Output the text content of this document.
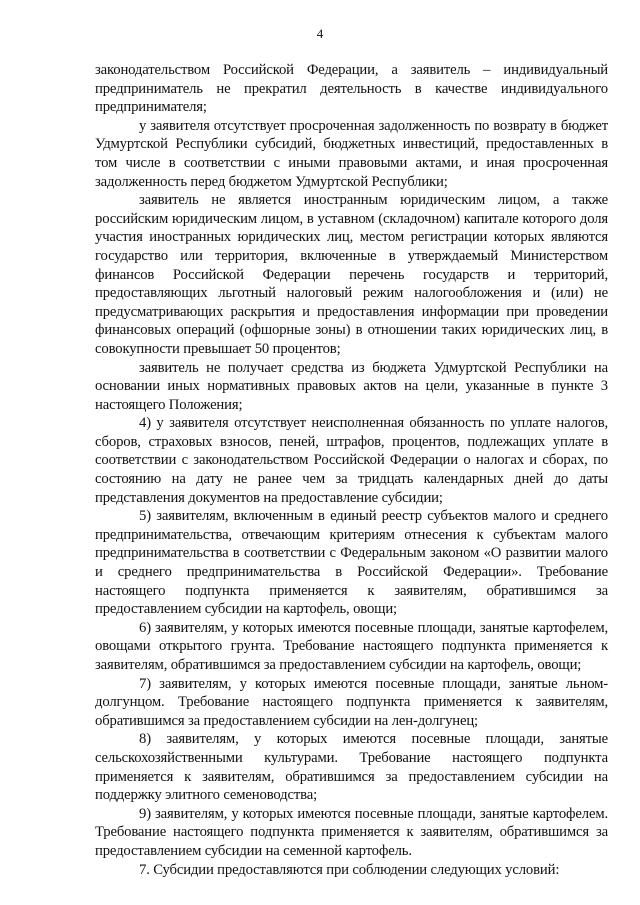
4

законодательством Российской Федерации, а заявитель – индивидуальный предприниматель не прекратил деятельность в качестве индивидуального предпринимателя;

у заявителя отсутствует просроченная задолженность по возврату в бюджет Удмуртской Республики субсидий, бюджетных инвестиций, предоставленных в том числе в соответствии с иными правовыми актами, и иная просроченная задолженность перед бюджетом Удмуртской Республики;

заявитель не является иностранным юридическим лицом, а также российским юридическим лицом, в уставном (складочном) капитале которого доля участия иностранных юридических лиц, местом регистрации которых являются государство или территория, включенные в утверждаемый Министерством финансов Российской Федерации перечень государств и территорий, предоставляющих льготный налоговый режим налогообложения и (или) не предусматривающих раскрытия и предоставления информации при проведении финансовых операций (офшорные зоны) в отношении таких юридических лиц, в совокупности превышает 50 процентов;

заявитель не получает средства из бюджета Удмуртской Республики на основании иных нормативных правовых актов на цели, указанные в пункте 3 настоящего Положения;

4) у заявителя отсутствует неисполненная обязанность по уплате налогов, сборов, страховых взносов, пеней, штрафов, процентов, подлежащих уплате в соответствии с законодательством Российской Федерации о налогах и сборах, по состоянию на дату не ранее чем за тридцать календарных дней до даты представления документов на предоставление субсидии;

5) заявителям, включенным в единый реестр субъектов малого и среднего предпринимательства, отвечающим критериям отнесения к субъектам малого предпринимательства в соответствии с Федеральным законом «О развитии малого и среднего предпринимательства в Российской Федерации». Требование настоящего подпункта применяется к заявителям, обратившимся за предоставлением субсидии на картофель, овощи;

6) заявителям, у которых имеются посевные площади, занятые картофелем, овощами открытого грунта. Требование настоящего подпункта применяется к заявителям, обратившимся за предоставлением субсидии на картофель, овощи;

7) заявителям, у которых имеются посевные площади, занятые льном-долгунцом. Требование настоящего подпункта применяется к заявителям, обратившимся за предоставлением субсидии на лен-долгунец;

8) заявителям, у которых имеются посевные площади, занятые сельскохозяйственными культурами. Требование настоящего подпункта применяется к заявителям, обратившимся за предоставлением субсидии на поддержку элитного семеноводства;

9) заявителям, у которых имеются посевные площади, занятые картофелем. Требование настоящего подпункта применяется к заявителям, обратившимся за предоставлением субсидии на семенной картофель.

7. Субсидии предоставляются при соблюдении следующих условий:
